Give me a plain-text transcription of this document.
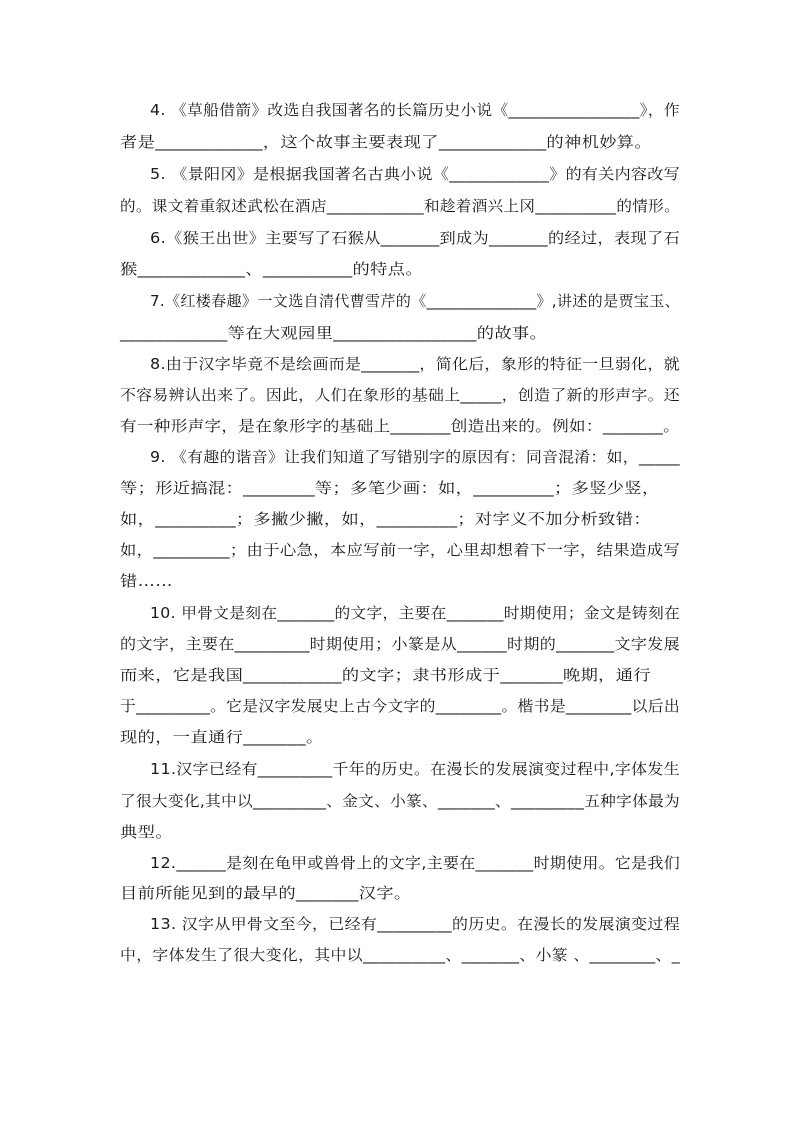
4. 《草船借箭》改选自我国著名的长篇历史小说《________________》，作
者是____________，这个故事主要表现了____________的神机妙算。
5. 《景阳冈》是根据我国著名古典小说《____________》的有关内容改写
的。课文着重叙述武松在酒店____________和趁着酒兴上冈__________的情形。
6.《猴王出世》主要写了石猴从_______到成为_______的经过，表现了石
猴____________、__________的特点。
7.《红楼春趣》一文选自清代曹雪芹的《______________》,讲述的是贾宝玉、
____________等在大观园里________________的故事。
8.由于汉字毕竟不是绘画而是_______，简化后，象形的特征一旦弱化，就
不容易辨认出来了。因此，人们在象形的基础上_____，创造了新的形声字。还
有一种形声字，是在象形字的基础上_______创造出来的。例如：_______。
9. 《有趣的谐音》让我们知道了写错别字的原因有：同音混淆：如，_____
等；形近搞混：________等；多笔少画：如，_________；多竖少竖，
如，_________；多撇少撇，如，_________；对字义不加分析致错：
如，_________；由于心急，本应写前一字，心里却想着下一字，结果造成写
错……
10. 甲骨文是刻在_______的文字，主要在_______时期使用；金文是铸刻在
的文字，主要在_________时期使用；小篆是从______时期的_______文字发展
而来，它是我国___________的文字；隶书形成于_______晚期，通行
于_________。它是汉字发展史上古今文字的________。楷书是________以后出
现的，一直通行_______。
11.汉字已经有_________千年的历史。在漫长的发展演变过程中,字体发生
了很大变化,其中以_________、金文、小篆、_______、_________五种字体最为
典型。
12.______是刻在龟甲或兽骨上的文字,主要在_______时期使用。它是我们
目前所能见到的最早的_______汉字。
13. 汉字从甲骨文至今，已经有_________的历史。在漫长的发展演变过程
中，字体发生了很大变化，其中以__________、_______、小篆 、________、_
